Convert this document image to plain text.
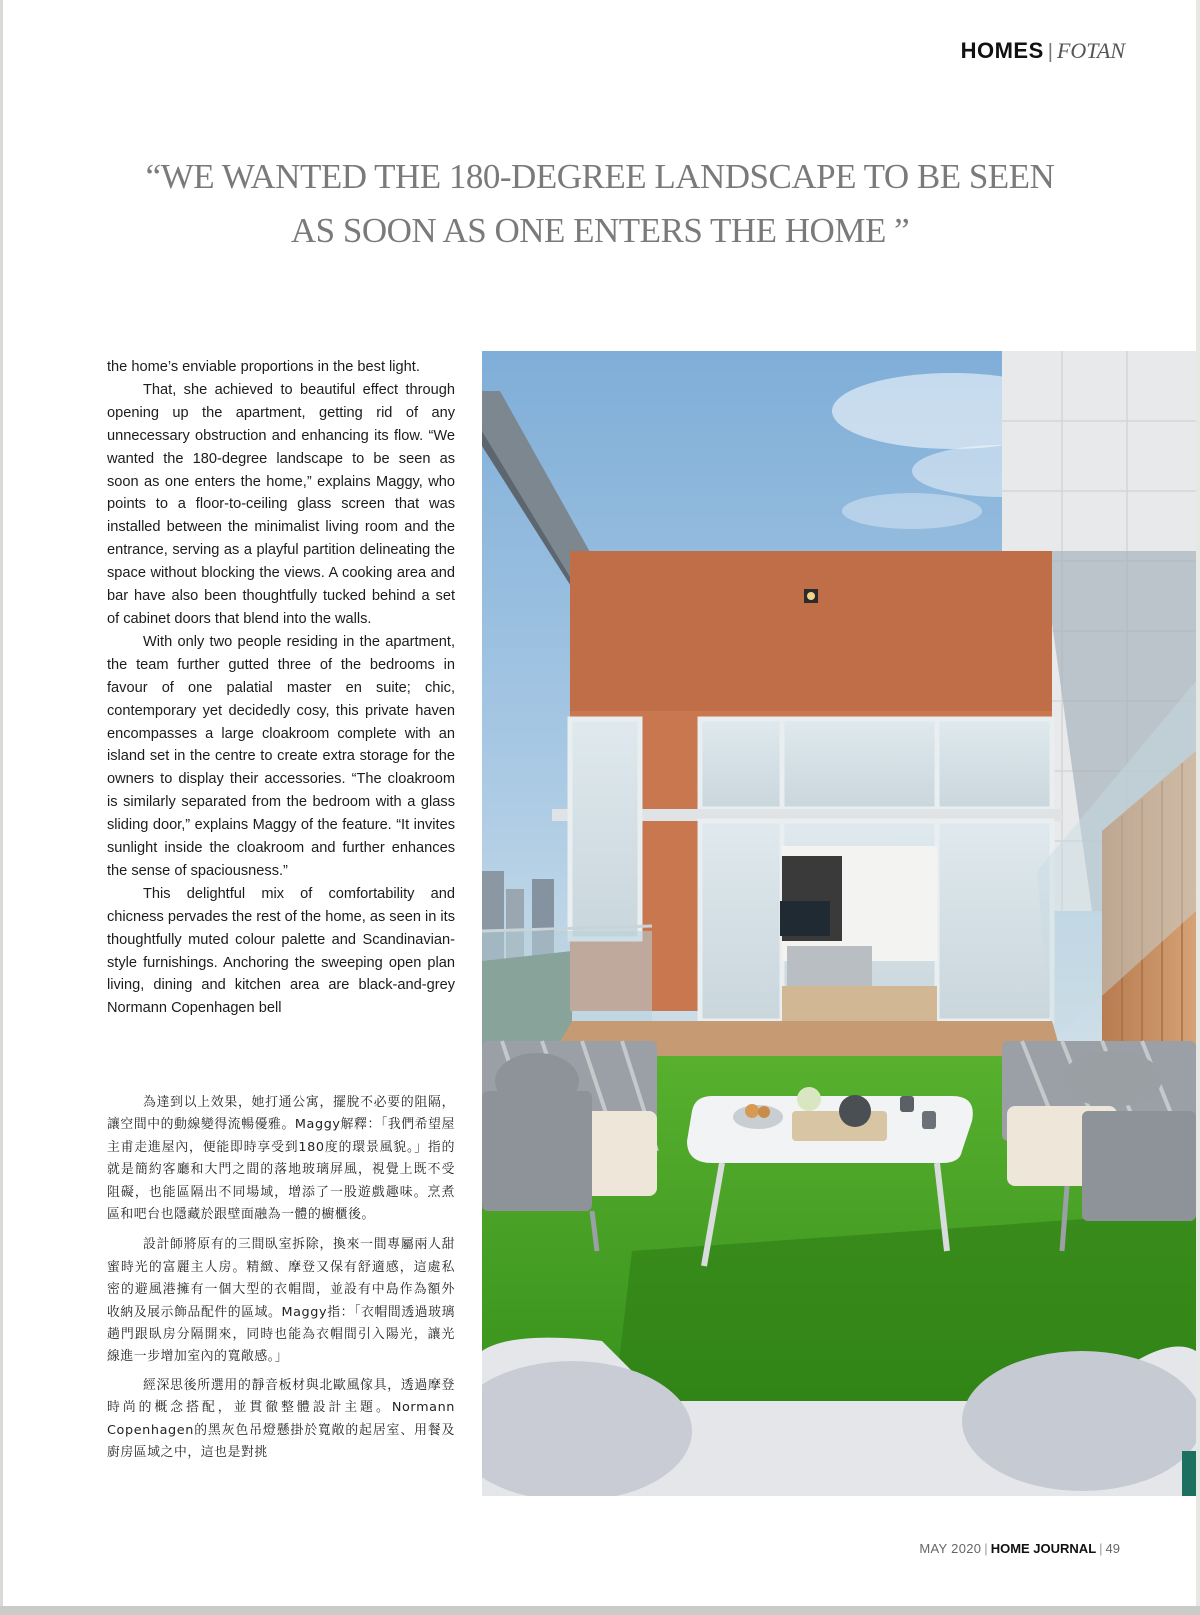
HOMES | FOTAN
“WE WANTED THE 180-DEGREE LANDSCAPE TO BE SEEN
AS SOON AS ONE ENTERS THE HOME ”

the home’s enviable proportions in the best light.

That, she achieved to beautiful effect through opening up the apartment, getting rid of any unnecessary obstruction and enhancing its flow. “We wanted the 180-degree landscape to be seen as soon as one enters the home,” explains Maggy, who points to a floor-to-ceiling glass screen that was installed between the minimalist living room and the entrance, serving as a playful partition delineating the space without blocking the views. A cooking area and bar have also been thoughtfully tucked behind a set of cabinet doors that blend into the walls.

With only two people residing in the apartment, the team further gutted three of the bedrooms in favour of one palatial master en suite; chic, contemporary yet decidedly cosy, this private haven encompasses a large cloakroom complete with an island set in the centre to create extra storage for the owners to display their accessories. “The cloakroom is similarly separated from the bedroom with a glass sliding door,” explains Maggy of the feature. “It invites sunlight inside the cloakroom and further enhances the sense of spaciousness.”

This delightful mix of comfortability and chicness pervades the rest of the home, as seen in its thoughtfully muted colour palette and Scandinavian-style furnishings. Anchoring the sweeping open plan living, dining and kitchen area are black-and-grey Normann Copenhagen bell

為達到以上效果，她打通公寓，擺脫不必要的阻隔，讓空間中的動線變得流暢優雅。Maggy解釋：「我們希望屋主甫走進屋內，便能即時享受到180度的環景風貌。」指的就是簡約客廳和大門之間的落地玻璃屏風，視覺上既不受阻礙，也能區隔出不同場域，增添了一股遊戲趣味。烹煮區和吧台也隱藏於跟壁面融為一體的櫥櫃後。

設計師將原有的三間臥室拆除，換來一間專屬兩人甜蜜時光的富麗主人房。精緻、摩登又保有舒適感，這處私密的避風港擁有一個大型的衣帽間，並設有中島作為額外收納及展示飾品配件的區域。Maggy指：「衣帽間透過玻璃趟門跟臥房分隔開來，同時也能為衣帽間引入陽光，讓光線進一步增加室內的寬敞感。」

經深思後所選用的靜音板材與北歐風傢具，透過摩登時尚的概念搭配，並貫徹整體設計主題。Normann Copenhagen的黑灰色吊燈懸掛於寬敞的起居室、用餐及廚房區域之中，這也是對挑

MAY 2020 | HOME JOURNAL | 49
